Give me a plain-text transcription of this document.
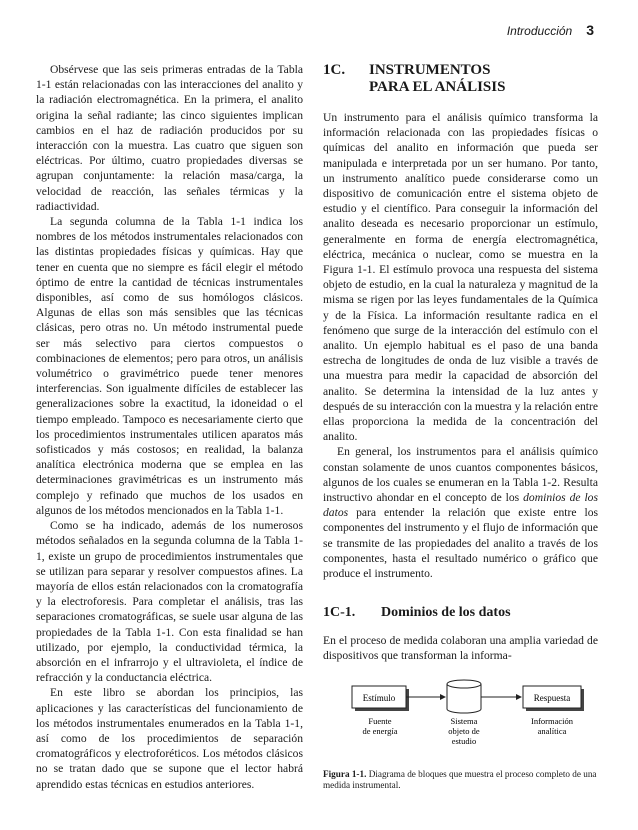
Introducción 3

Obsérvese que las seis primeras entradas de la Tabla 1-1 están relacionadas con las interacciones del analito y la radiación electromagnética. En la primera, el analito origina la señal radiante; las cinco siguientes implican cambios en el haz de radiación producidos por su interacción con la muestra. Las cuatro que siguen son eléctricas. Por último, cuatro propiedades diversas se agrupan conjuntamente: la relación masa/carga, la velocidad de reacción, las señales térmicas y la radiactividad.

La segunda columna de la Tabla 1-1 indica los nombres de los métodos instrumentales relacionados con las distintas propiedades físicas y químicas. Hay que tener en cuenta que no siempre es fácil elegir el método óptimo de entre la cantidad de técnicas instrumentales disponibles, así como de sus homólogos clásicos. Algunas de ellas son más sensibles que las técnicas clásicas, pero otras no. Un método instrumental puede ser más selectivo para ciertos compuestos o combinaciones de elementos; pero para otros, un análisis volumétrico o gravimétrico puede tener menores interferencias. Son igualmente difíciles de establecer las generalizaciones sobre la exactitud, la idoneidad o el tiempo empleado. Tampoco es necesariamente cierto que los procedimientos instrumentales utilicen aparatos más sofisticados y más costosos; en realidad, la balanza analítica electrónica moderna que se emplea en las determinaciones gravimétricas es un instrumento más complejo y refinado que muchos de los usados en algunos de los métodos mencionados en la Tabla 1-1.

Como se ha indicado, además de los numerosos métodos señalados en la segunda columna de la Tabla 1-1, existe un grupo de procedimientos instrumentales que se utilizan para separar y resolver compuestos afines. La mayoría de ellos están relacionados con la cromatografía y la electroforesis. Para completar el análisis, tras las separaciones cromatográficas, se suele usar alguna de las propiedades de la Tabla 1-1. Con esta finalidad se han utilizado, por ejemplo, la conductividad térmica, la absorción en el infrarrojo y el ultravioleta, el índice de refracción y la conductancia eléctrica.

En este libro se abordan los principios, las aplicaciones y las características del funcionamiento de los métodos instrumentales enumerados en la Tabla 1-1, así como de los procedimientos de separación cromatográficos y electroforéticos. Los métodos clásicos no se tratan dado que se supone que el lector habrá aprendido estas técnicas en estudios anteriores.

1C.	INSTRUMENTOS
PARA EL ANÁLISIS

Un instrumento para el análisis químico transforma la información relacionada con las propiedades físicas o químicas del analito en información que pueda ser manipulada e interpretada por un ser humano. Por tanto, un instrumento analítico puede considerarse como un dispositivo de comunicación entre el sistema objeto de estudio y el científico. Para conseguir la información del analito deseada es necesario proporcionar un estímulo, generalmente en forma de energía electromagnética, eléctrica, mecánica o nuclear, como se muestra en la Figura 1-1. El estímulo provoca una respuesta del sistema objeto de estudio, en la cual la naturaleza y magnitud de la misma se rigen por las leyes fundamentales de la Química y de la Física. La información resultante radica en el fenómeno que surge de la interacción del estímulo con el analito. Un ejemplo habitual es el paso de una banda estrecha de longitudes de onda de luz visible a través de una muestra para medir la capacidad de absorción del analito. Se determina la intensidad de la luz antes y después de su interacción con la muestra y la relación entre ellas proporciona la medida de la concentración del analito.

En general, los instrumentos para el análisis químico constan solamente de unos cuantos componentes básicos, algunos de los cuales se enumeran en la Tabla 1-2. Resulta instructivo ahondar en el concepto de los dominios de los datos para entender la relación que existe entre los componentes del instrumento y el flujo de información que se transmite de las propiedades del analito a través de los componentes, hasta el resultado numérico o gráfico que produce el instrumento.

1C-1.	Dominios de los datos

En el proceso de medida colaboran una amplia variedad de dispositivos que transforman la informa-

Estímulo	Respuesta
Fuente
de energía
Sistema
objeto de
estudio
Información
analítica
Figura 1-1. Diagrama de bloques que muestra el proceso completo de una medida instrumental.
